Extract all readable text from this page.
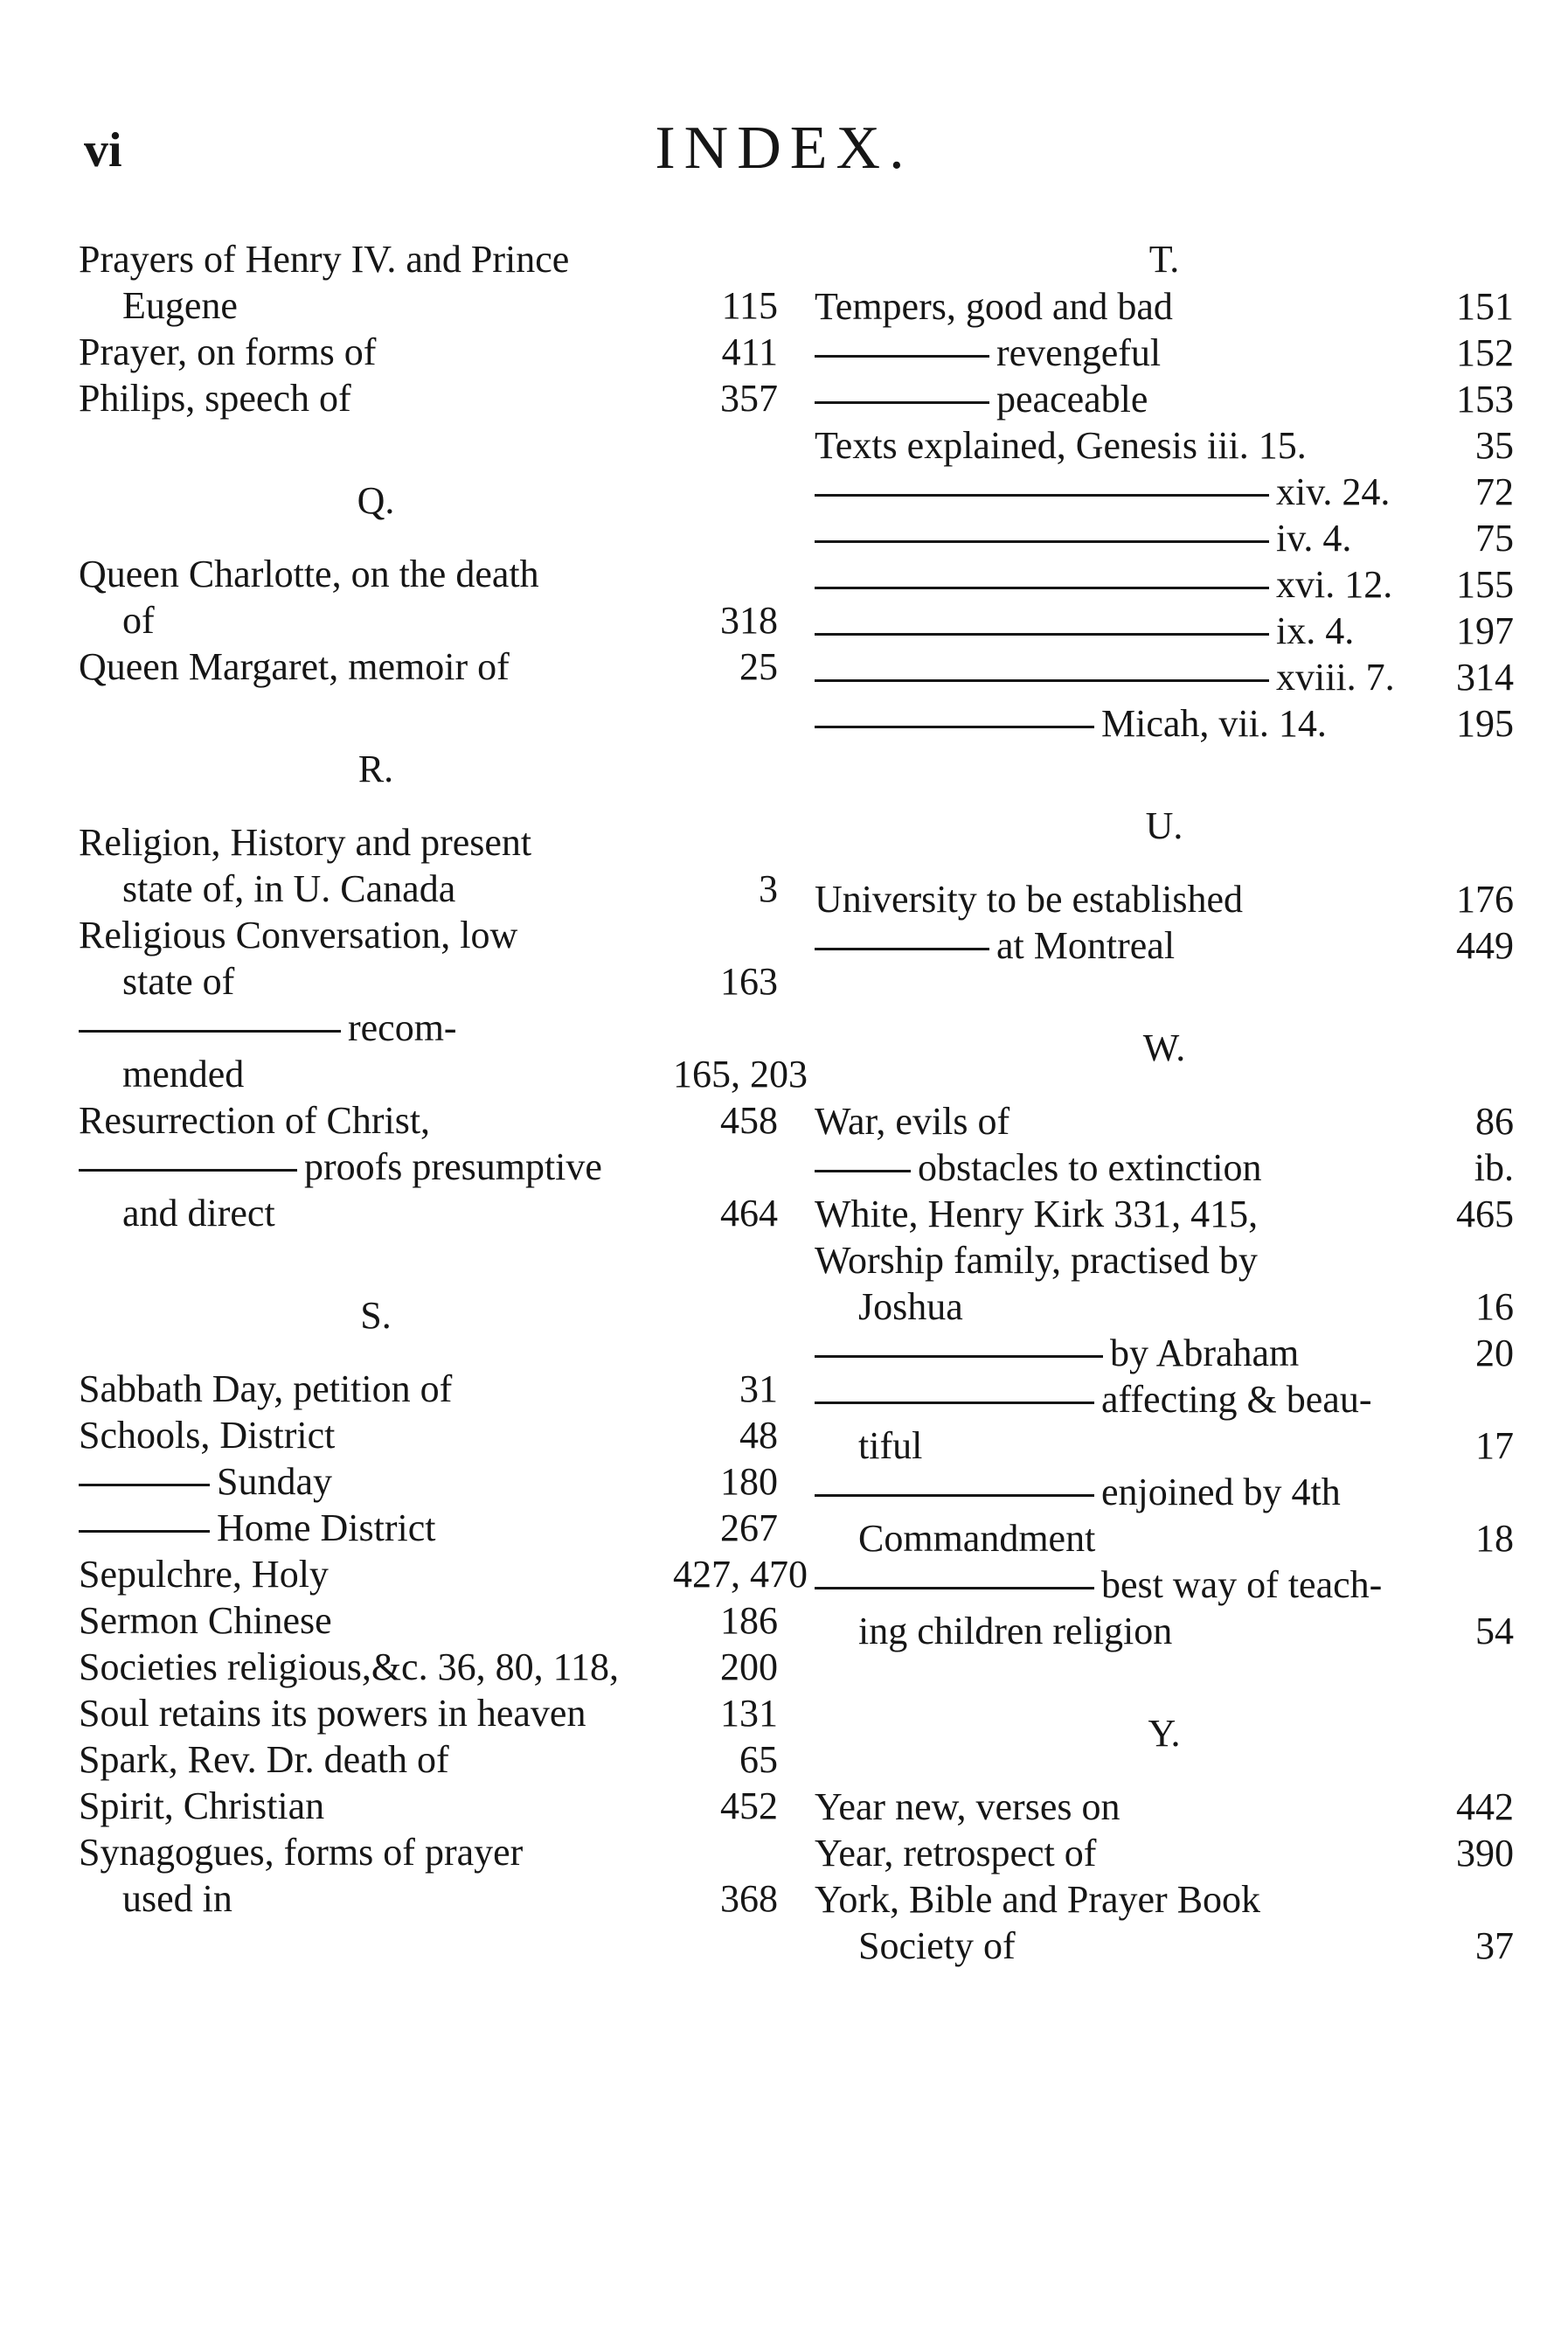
vi	INDEX.
Prayers of Henry IV. and Prince
Eugene	115
Prayer, on forms of	411
Philips, speech of	357
Q.
Queen Charlotte, on the death
of	318
Queen Margaret, memoir of	25
R.
Religion, History and present
state of, in U. Canada	3
Religious Conversation, low
state of	163
recom-
mended	165, 203
Resurrection of Christ,	458
proofs presumptive
and direct	464
S.
Sabbath Day, petition of	31
Schools, District	48
Sunday	180
Home District	267
Sepulchre, Holy	427, 470
Sermon Chinese	186
Societies religious,&c. 36, 80, 118,	200
Soul retains its powers in heaven	131
Spark, Rev. Dr. death of	65
Spirit, Christian	452
Synagogues, forms of prayer
used in	368
T.
Tempers, good and bad	151
revengeful	152
peaceable	153
Texts explained, Genesis iii. 15.	35
xiv. 24.	72
iv. 4.	75
xvi. 12.	155
ix. 4.	197
xviii. 7.	314
Micah, vii. 14.	195
U.
University to be established	176
at Montreal	449
W.
War, evils of	86
obstacles to extinction	ib.
White, Henry Kirk 331, 415,	465
Worship family, practised by
Joshua	16
by Abraham	20
affecting & beau-
tiful	17
enjoined by 4th
Commandment	18
best way of teach-
ing children religion	54
Y.
Year new, verses on	442
Year, retrospect of	390
York, Bible and Prayer Book
Society of	37
